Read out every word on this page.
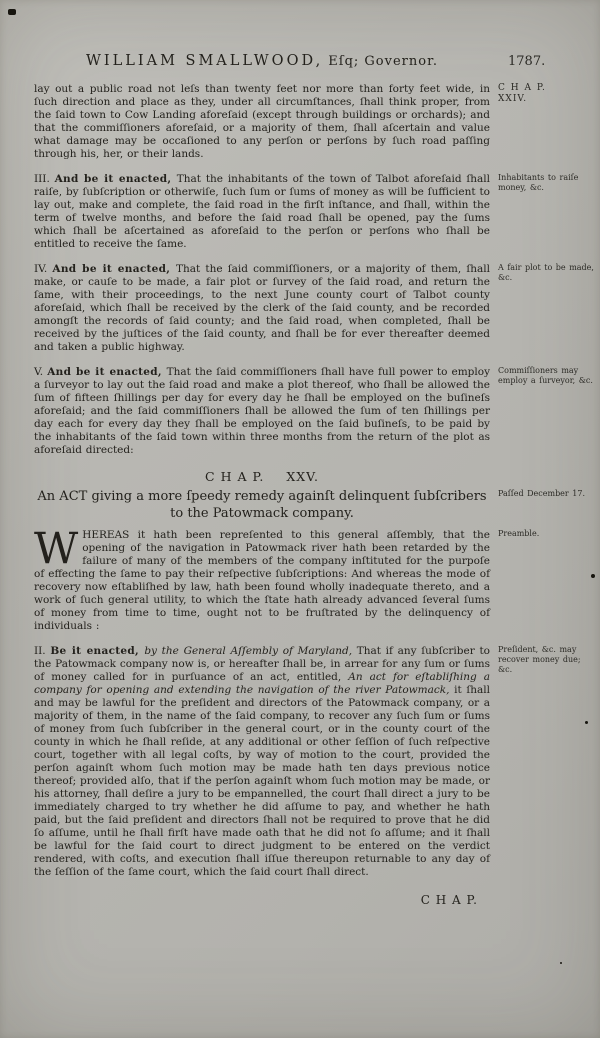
WILLIAM SMALLWOOD, Eſq; Governor.	1787.

lay out a public road not leſs than twenty feet nor more than forty feet wide, in ſuch direction and place as they, under all circumſtances, ſhall think proper, from the ſaid town to Cow Landing aforeſaid (except through buildings or orchards); and that the commiſſioners aforeſaid, or a majority of them, ſhall aſcertain and value what damage may be occaſioned to any perſon or perſons by ſuch road paſſing through his, her, or their lands.

C H A P.
XXIV.

III. And be it enacted, That the inhabitants of the town of Talbot aforeſaid ſhall raiſe, by ſubſcription or otherwiſe, ſuch ſum or ſums of money as will be ſufficient to lay out, make and complete, the ſaid road in the firſt inſtance, and ſhall, within the term of twelve months, and before the ſaid road ſhall be opened, pay the ſums which ſhall be aſcertained as aforeſaid to the perſon or perſons who ſhall be entitled to receive the ſame.

Inhabitants to raiſe money, &c.

IV. And be it enacted, That the ſaid commiſſioners, or a majority of them, ſhall make, or cauſe to be made, a fair plot or ſurvey of the ſaid road, and return the ſame, with their proceedings, to the next June county court of Talbot county aforeſaid, which ſhall be received by the clerk of the ſaid county, and be recorded amongſt the records of ſaid county; and the ſaid road, when completed, ſhall be received by the juſtices of the ſaid county, and ſhall be for ever thereafter deemed and taken a public highway.

A fair plot to be made, &c.

V. And be it enacted, That the ſaid commiſſioners ſhall have full power to employ a ſurveyor to lay out the ſaid road and make a plot thereof, who ſhall be allowed the ſum of fifteen ſhillings per day for every day he ſhall be employed on the buſineſs aforeſaid; and the ſaid commiſſioners ſhall be allowed the ſum of ten ſhillings per day each for every day they ſhall be employed on the ſaid buſineſs, to be paid by the inhabitants of the ſaid town within three months from the return of the plot as aforeſaid directed:

Commiſſioners may employ a ſurveyor, &c.
C H A P. XXV.

An ACT giving a more ſpeedy remedy againſt delinquent ſubſcribers to the Patowmack company.

Paſſed December 17.

WHEREAS it hath been repreſented to this general aſſembly, that the opening of the navigation in Patowmack river hath been retarded by the failure of many of the members of the company inſtituted for the purpoſe of effecting the ſame to pay their reſpective ſubſcriptions: And whereas the mode of recovery now eſtabliſhed by law, hath been found wholly inadequate thereto, and a work of ſuch general utility, to which the ſtate hath already advanced ſeveral ſums of money from time to time, ought not to be fruſtrated by the delinquency of individuals :

Preamble.

II. Be it enacted, by the General Aſſembly of Maryland, That if any ſubſcriber to the Patowmack company now is, or hereafter ſhall be, in arrear for any ſum or ſums of money called for in purſuance of an act, entitled, An act for eſtabliſhing a company for opening and extending the navigation of the river Patowmack, it ſhall and may be lawful for the preſident and directors of the Patowmack company, or a majority of them, in the name of the ſaid company, to recover any ſuch ſum or ſums of money from ſuch ſubſcriber in the general court, or in the county court of the county in which he ſhall reſide, at any additional or other ſeſſion of ſuch reſpective court, together with all legal coſts, by way of motion to the court, provided the perſon againſt whom ſuch motion may be made hath ten days previous notice thereof; provided alſo, that if the perſon againſt whom ſuch motion may be made, or his attorney, ſhall deſire a jury to be empannelled, the court ſhall direct a jury to be immediately charged to try whether he did aſſume to pay, and whether he hath paid, but the ſaid preſident and directors ſhall not be required to prove that he did ſo aſſume, until he ſhall firſt have made oath that he did not ſo aſſume; and it ſhall be lawful for the ſaid court to direct judgment to be entered on the verdict rendered, with coſts, and execution ſhall iſſue thereupon returnable to any day of the ſeſſion of the ſame court, which the ſaid court ſhall direct.

Preſident, &c. may recover money due; &c.
C H A P.
